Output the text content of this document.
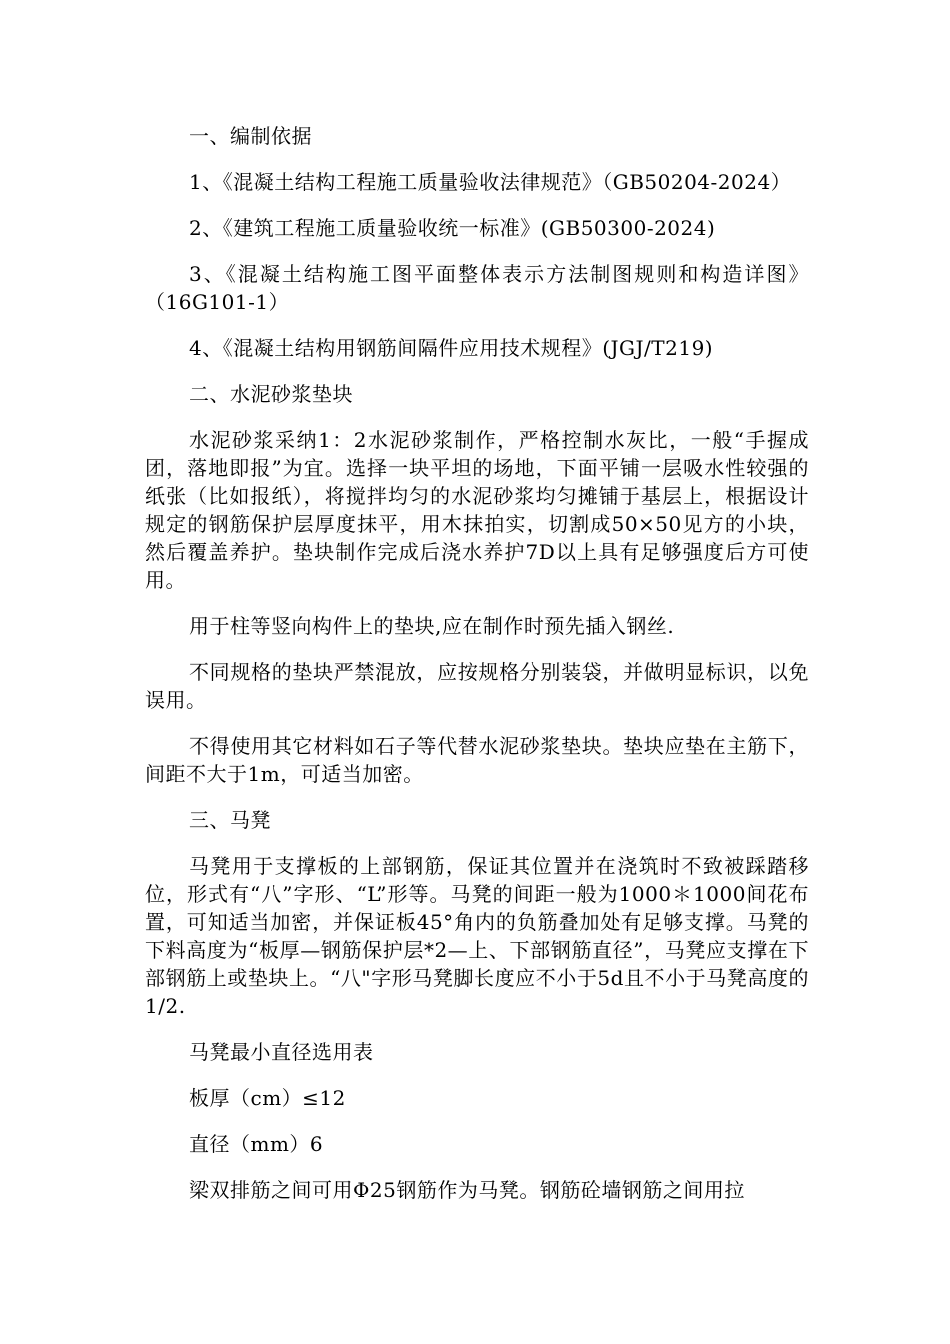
一、编制依据

1、《混凝土结构工程施工质量验收法律规范》（GB50204-2024）

2、《建筑工程施工质量验收统一标准》(GB50300-2024)

3、《混凝土结构施工图平面整体表示方法制图规则和构造详图》（16G101-1）

4、《混凝土结构用钢筋间隔件应用技术规程》(JGJ/T219)

二、水泥砂浆垫块

水泥砂浆采纳1：2水泥砂浆制作，严格控制水灰比，一般“手握成团，落地即报”为宜。选择一块平坦的场地，下面平铺一层吸水性较强的纸张（比如报纸），将搅拌均匀的水泥砂浆均匀摊铺于基层上，根据设计规定的钢筋保护层厚度抹平，用木抹拍实，切割成50×50见方的小块，然后覆盖养护。垫块制作完成后浇水养护7D以上具有足够强度后方可使用。

用于柱等竖向构件上的垫块,应在制作时预先插入钢丝.

不同规格的垫块严禁混放，应按规格分别装袋，并做明显标识，以免误用。

不得使用其它材料如石子等代替水泥砂浆垫块。垫块应垫在主筋下，间距不大于1m，可适当加密。

三、马凳

马凳用于支撑板的上部钢筋，保证其位置并在浇筑时不致被踩踏移位，形式有“八”字形、“L”形等。马凳的间距一般为1000＊1000间花布置，可知适当加密，并保证板45°角内的负筋叠加处有足够支撑。马凳的下料高度为“板厚—钢筋保护层*2—上、下部钢筋直径”，马凳应支撑在下部钢筋上或垫块上。“八"字形马凳脚长度应不小于5d且不小于马凳高度的1/2.

马凳最小直径选用表

板厚（cm）≤12

直径（mm）6

梁双排筋之间可用Φ25钢筋作为马凳。钢筋砼墙钢筋之间用拉
